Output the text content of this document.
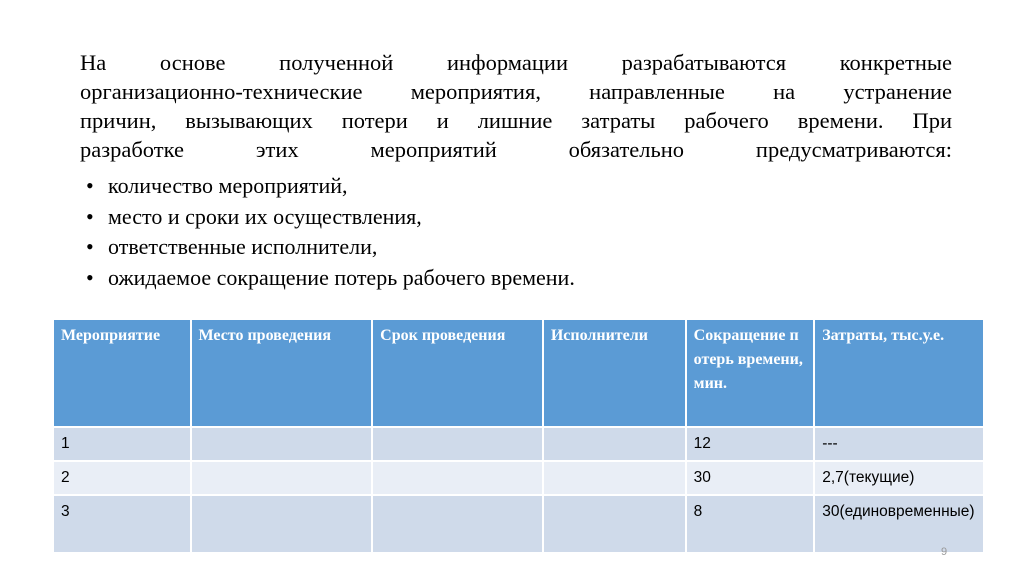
На основе полученной информации разрабатываются конкретные
организационно-технические мероприятия, направленные на устранение
причин, вызывающих потери и лишние затраты рабочего времени. При
разработке этих мероприятий обязательно предусматриваются:
• количество мероприятий,
• место и сроки их осуществления,
• ответственные исполнители,
• ожидаемое сокращение потерь рабочего времени.
Мероприятие	Место проведения	Срок проведения	Исполнители	Сокращение потерь времени, мин.	Затраты, тыс.у.е.
1				12	---
2				30	2,7(текущие)
3				8	30(единовременные)
9
